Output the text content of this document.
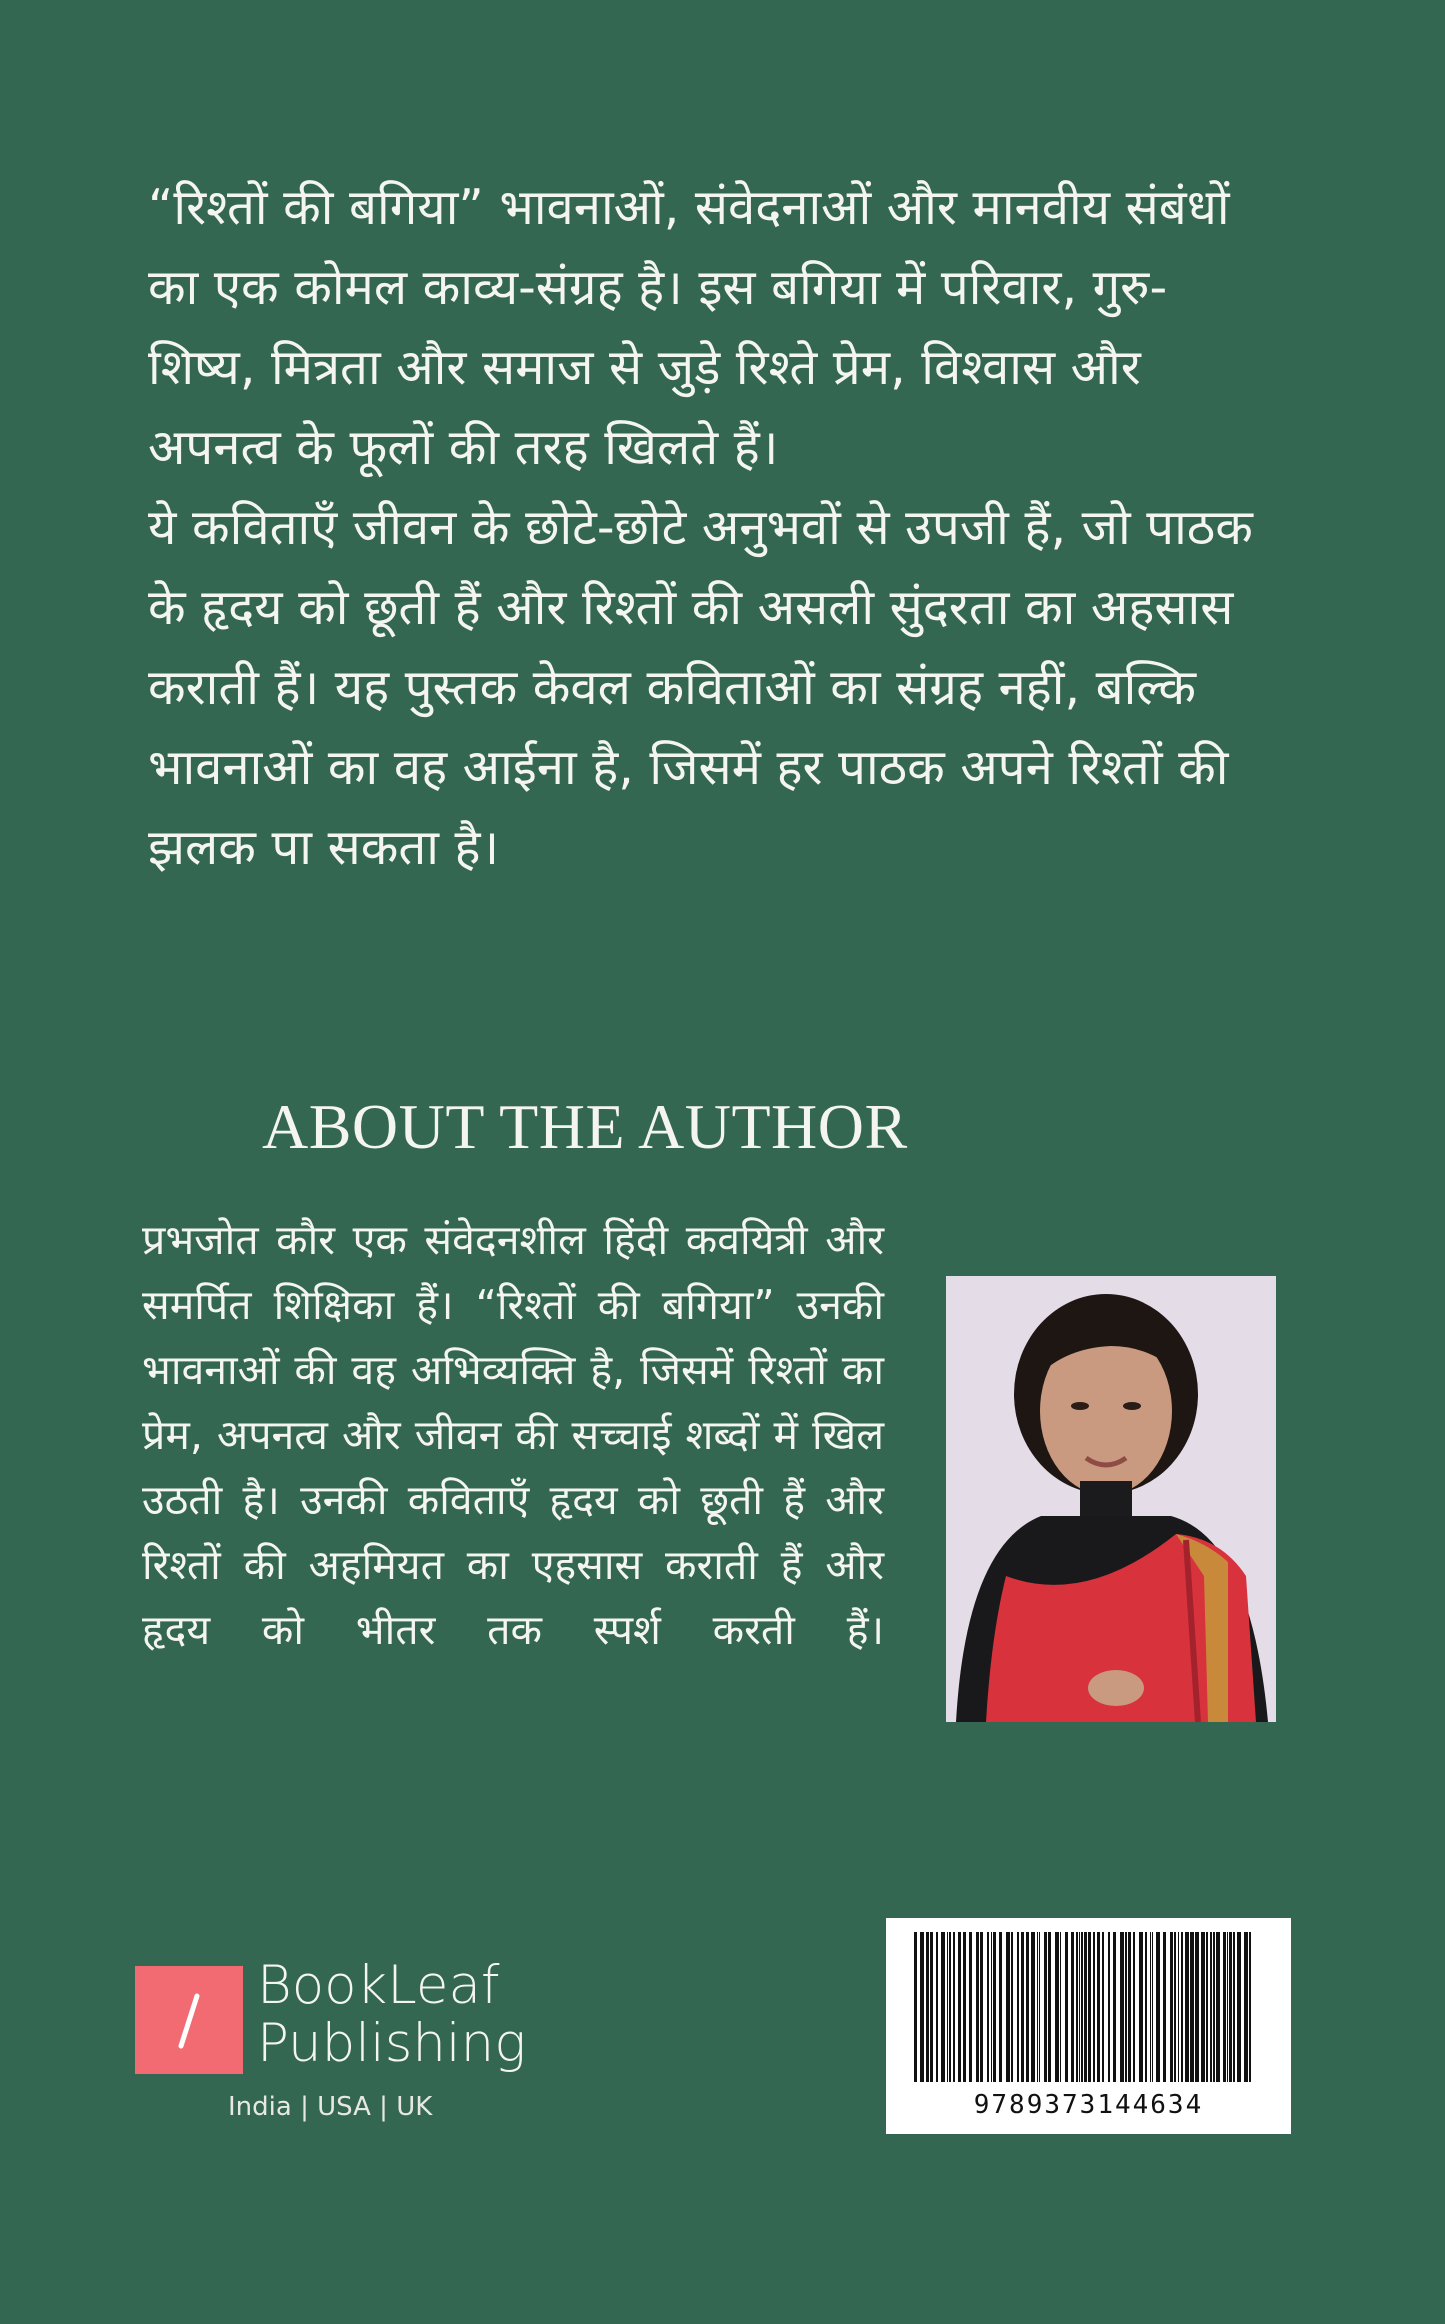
“रिश्तों की बगिया” भावनाओं, संवेदनाओं और मानवीय संबंधों का एक कोमल काव्य-संग्रह है। इस बगिया में परिवार, गुरु-शिष्य, मित्रता और समाज से जुड़े रिश्ते प्रेम, विश्वास और अपनत्व के फूलों की तरह खिलते हैं।

ये कविताएँ जीवन के छोटे-छोटे अनुभवों से उपजी हैं, जो पाठक के हृदय को छूती हैं और रिश्तों की असली सुंदरता का अहसास कराती हैं। यह पुस्तक केवल कविताओं का संग्रह नहीं, बल्कि भावनाओं का वह आईना है, जिसमें हर पाठक अपने रिश्तों की झलक पा सकता है।

ABOUT THE AUTHOR

प्रभजोत कौर एक संवेदनशील हिंदी कवयित्री और समर्पित शिक्षिका हैं। “रिश्तों की बगिया” उनकी भावनाओं की वह अभिव्यक्ति है, जिसमें रिश्तों का प्रेम, अपनत्व और जीवन की सच्चाई शब्दों में खिल उठती है। उनकी कविताएँ हृदय को छूती हैं और रिश्तों की अहमियत का एहसास कराती हैं और हृदय को भीतर तक स्पर्श करती हैं।

BookLeaf
Publishing
India | USA | UK	9789373144634
